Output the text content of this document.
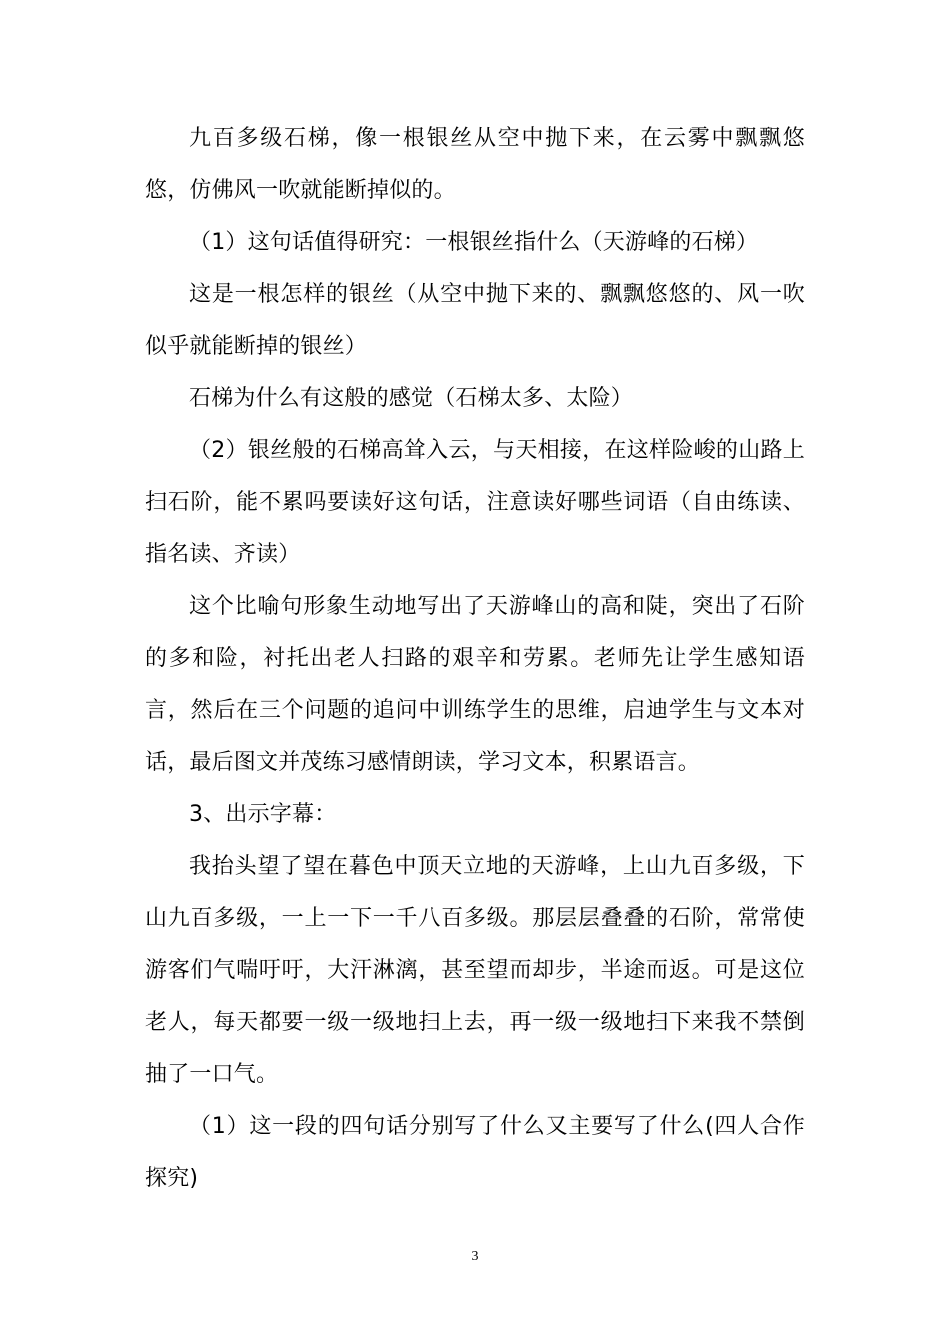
九百多级石梯，像一根银丝从空中抛下来，在云雾中飘飘悠悠，仿佛风一吹就能断掉似的。

（1）这句话值得研究：一根银丝指什么（天游峰的石梯）

这是一根怎样的银丝（从空中抛下来的、飘飘悠悠的、风一吹似乎就能断掉的银丝）

石梯为什么有这般的感觉（石梯太多、太险）

（2）银丝般的石梯高耸入云，与天相接，在这样险峻的山路上扫石阶，能不累吗要读好这句话，注意读好哪些词语（自由练读、指名读、齐读）

这个比喻句形象生动地写出了天游峰山的高和陡，突出了石阶的多和险，衬托出老人扫路的艰辛和劳累。老师先让学生感知语言，然后在三个问题的追问中训练学生的思维，启迪学生与文本对话，最后图文并茂练习感情朗读，学习文本，积累语言。

3、出示字幕：

我抬头望了望在暮色中顶天立地的天游峰，上山九百多级，下山九百多级，一上一下一千八百多级。那层层叠叠的石阶，常常使游客们气喘吁吁，大汗淋漓，甚至望而却步，半途而返。可是这位老人，每天都要一级一级地扫上去，再一级一级地扫下来我不禁倒抽了一口气。

（1）这一段的四句话分别写了什么又主要写了什么(四人合作探究)

3
